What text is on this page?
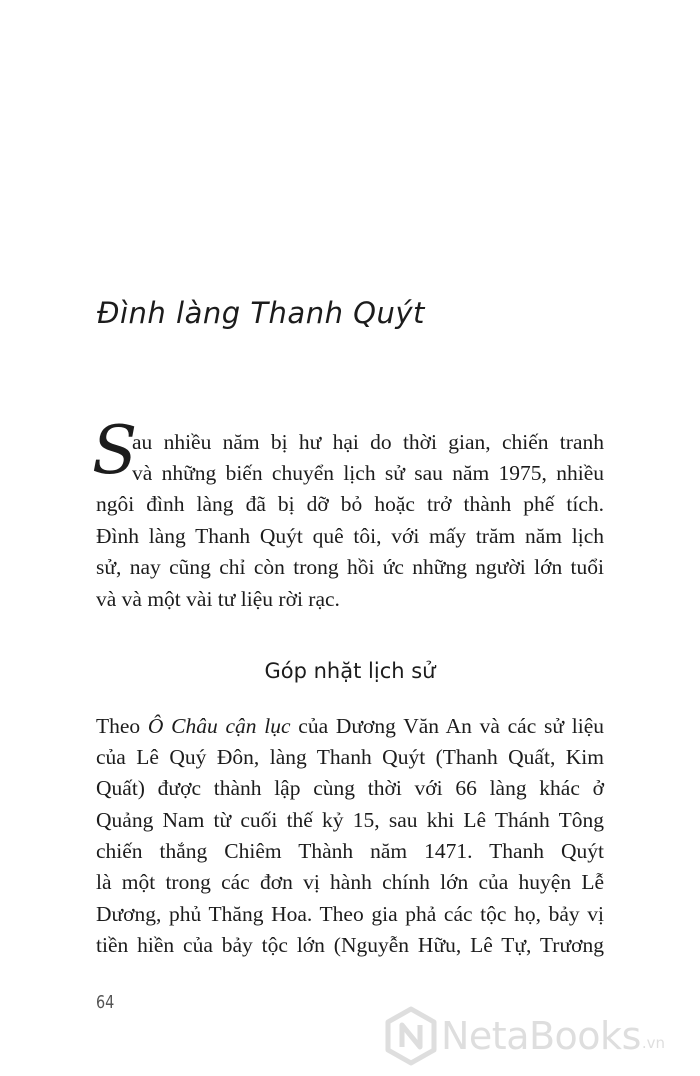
Đình làng Thanh Quýt
S
au nhiều năm bị hư hại do thời gian, chiến tranh
và những biến chuyển lịch sử sau năm 1975, nhiều
ngôi đình làng đã bị dỡ bỏ hoặc trở thành phế tích.
Đình làng Thanh Quýt quê tôi, với mấy trăm năm lịch
sử, nay cũng chỉ còn trong hồi ức những người lớn tuổi
và và một vài tư liệu rời rạc.
Góp nhặt lịch sử
Theo Ô Châu cận lục của Dương Văn An và các sử liệu
của Lê Quý Đôn, làng Thanh Quýt (Thanh Quất, Kim
Quất) được thành lập cùng thời với 66 làng khác ở
Quảng Nam từ cuối thế kỷ 15, sau khi Lê Thánh Tông
chiến thắng Chiêm Thành năm 1471. Thanh Quýt
là một trong các đơn vị hành chính lớn của huyện Lễ
Dương, phủ Thăng Hoa. Theo gia phả các tộc họ, bảy vị
tiền hiền của bảy tộc lớn (Nguyễn Hữu, Lê Tự, Trương
64
NetaBooks .vn
